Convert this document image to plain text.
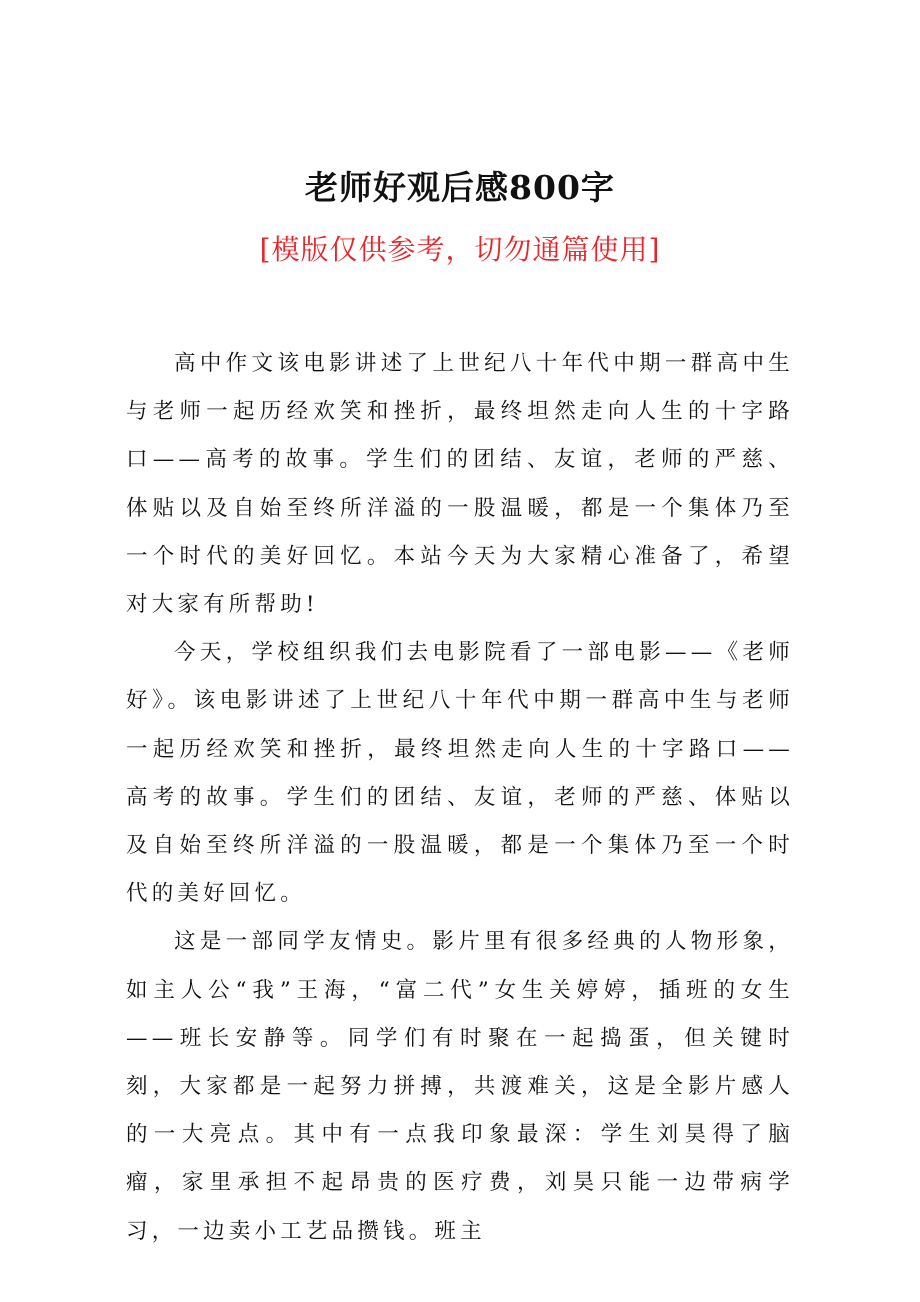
老师好观后感800字
[模版仅供参考，切勿通篇使用]

高中作文该电影讲述了上世纪八十年代中期一群高中生与老师一起历经欢笑和挫折，最终坦然走向人生的十字路口——高考的故事。学生们的团结、友谊，老师的严慈、体贴以及自始至终所洋溢的一股温暖，都是一个集体乃至一个时代的美好回忆。本站今天为大家精心准备了，希望对大家有所帮助!

今天，学校组织我们去电影院看了一部电影——《老师好》。该电影讲述了上世纪八十年代中期一群高中生与老师一起历经欢笑和挫折，最终坦然走向人生的十字路口——高考的故事。学生们的团结、友谊，老师的严慈、体贴以及自始至终所洋溢的一股温暖，都是一个集体乃至一个时代的美好回忆。

这是一部同学友情史。影片里有很多经典的人物形象，如主人公“我”王海，“富二代”女生关婷婷，插班的女生——班长安静等。同学们有时聚在一起捣蛋，但关键时刻，大家都是一起努力拼搏，共渡难关，这是全影片感人的一大亮点。其中有一点我印象最深：学生刘昊得了脑瘤，家里承担不起昂贵的医疗费，刘昊只能一边带病学习，一边卖小工艺品攒钱。班主
